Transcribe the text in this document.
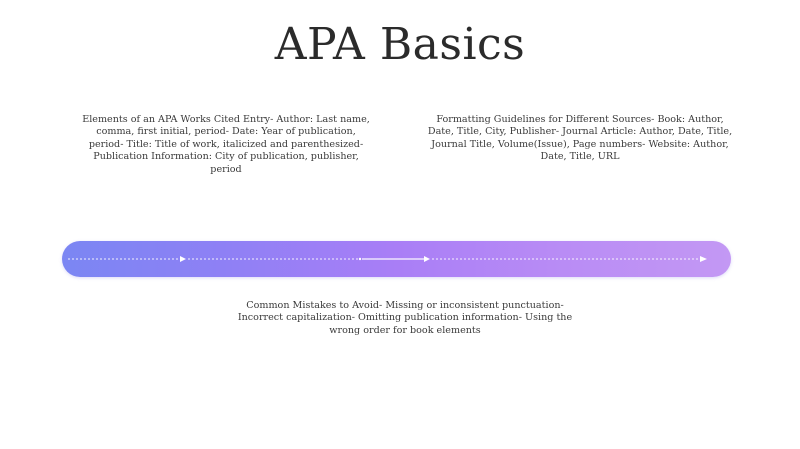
APA Basics
Elements of an APA Works Cited Entry- Author: Last name, comma, first initial, period- Date: Year of publication, period- Title: Title of work, italicized and parenthesized- Publication Information: City of publication, publisher, period
Formatting Guidelines for Different Sources- Book: Author, Date, Title, City, Publisher- Journal Article: Author, Date, Title, Journal Title, Volume(Issue), Page numbers- Website: Author, Date, Title, URL
Common Mistakes to Avoid- Missing or inconsistent punctuation- Incorrect capitalization- Omitting publication information- Using the wrong order for book elements
